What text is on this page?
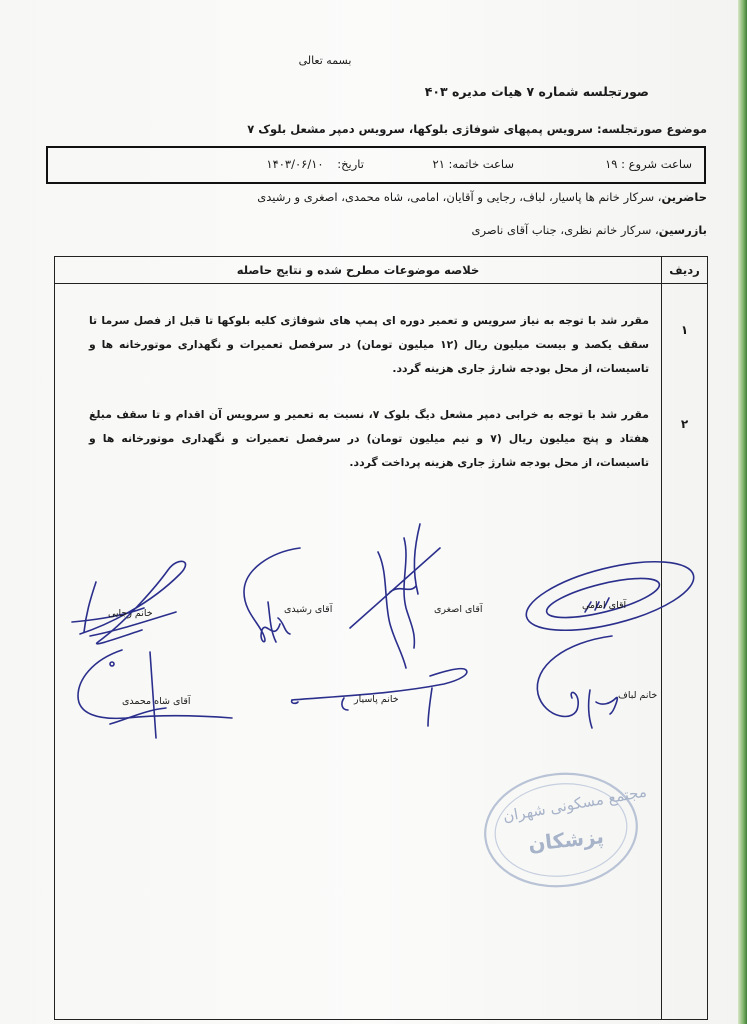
بسمه تعالی
صورتجلسه شماره ۷ هیات مدیره ۴۰۳
موضوع صورتجلسه: سرویس پمپهای شوفاژی بلوکها، سرویس دمپر مشعل بلوک ۷
ساعت شروع : ۱۹
ساعت خاتمه: ۲۱
تاریخ: ۱۴۰۳/۰۶/۱۰
حاضرین، سرکار خانم ها پاسیار، لباف، رجایی و آقایان، امامی، شاه محمدی، اصغری و رشیدی
بازرسین، سرکار خانم نظری، جناب آقای ناصری
ردیف
خلاصه موضوعات مطرح شده و نتایج حاصله
۱
مقرر شد با توجه به نیاز سرویس و تعمیر دوره ای پمپ های شوفاژی کلیه بلوکها تا قبل از فصل سرما تا سقف یکصد و بیست میلیون ریال (۱۲ میلیون تومان) در سرفصل تعمیرات و نگهداری موتورخانه ها و تاسیسات، از محل بودجه شارژ جاری هزینه گردد.
۲
مقرر شد با توجه به خرابی دمپر مشعل دیگ بلوک ۷، نسبت به تعمیر و سرویس آن اقدام و تا سقف مبلغ هفتاد و پنج میلیون ریال (۷ و نیم میلیون تومان) در سرفصل تعمیرات و نگهداری موتورخانه ها و تاسیسات، از محل بودجه شارژ جاری هزینه پرداخت گردد.
آقای امامی
آقای اصغری
آقای رشیدی
خانم رجایی
خانم لباف
خانم پاسیار
آقای شاه محمدی
مجتمع مسکونی شهران
پزشکان
